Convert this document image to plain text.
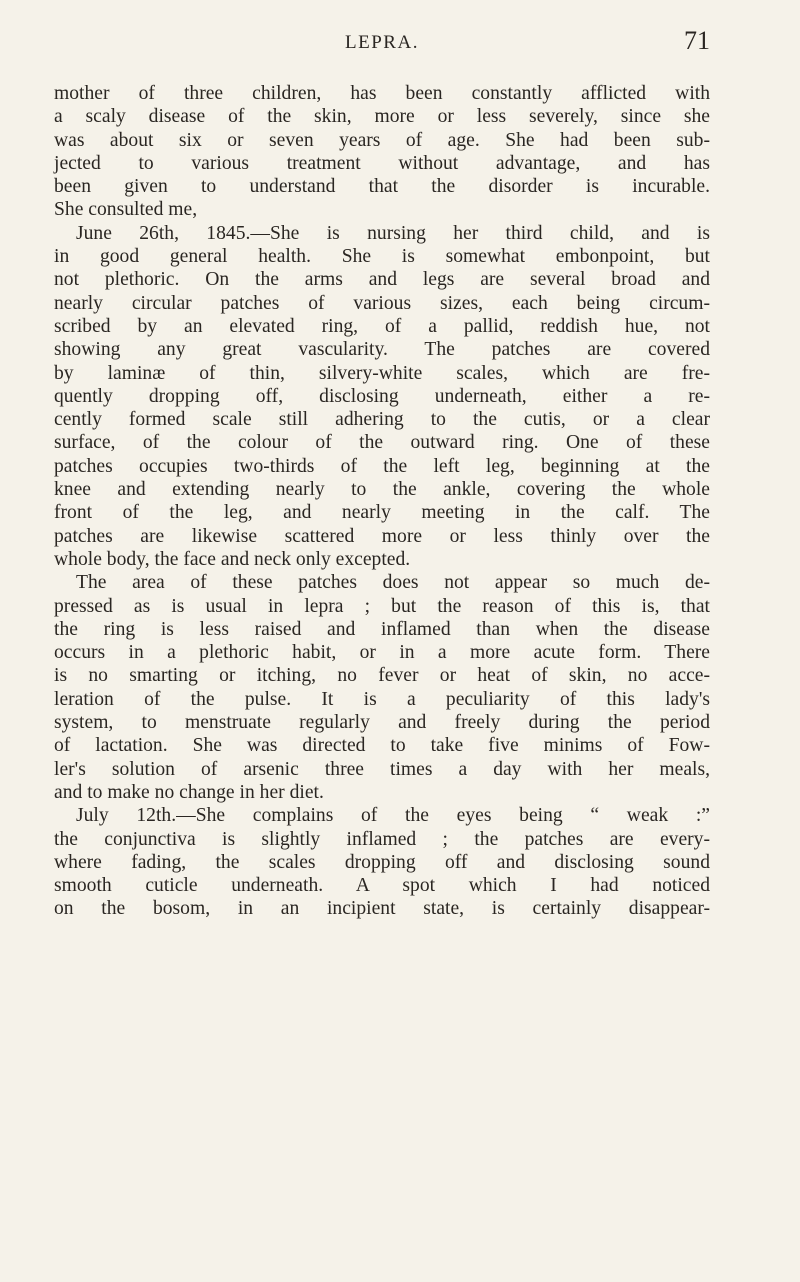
LEPRA.	71
mother of three children, has been constantly afflicted with
a scaly disease of the skin, more or less severely, since she
was about six or seven years of age. She had been sub-
jected to various treatment without advantage, and has
been given to understand that the disorder is incurable.
She consulted me,
June 26th, 1845.—She is nursing her third child, and is
in good general health. She is somewhat embonpoint, but
not plethoric. On the arms and legs are several broad and
nearly circular patches of various sizes, each being circum-
scribed by an elevated ring, of a pallid, reddish hue, not
showing any great vascularity. The patches are covered
by laminæ of thin, silvery-white scales, which are fre-
quently dropping off, disclosing underneath, either a re-
cently formed scale still adhering to the cutis, or a clear
surface, of the colour of the outward ring. One of these
patches occupies two-thirds of the left leg, beginning at the
knee and extending nearly to the ankle, covering the whole
front of the leg, and nearly meeting in the calf. The
patches are likewise scattered more or less thinly over the
whole body, the face and neck only excepted.
The area of these patches does not appear so much de-
pressed as is usual in lepra ; but the reason of this is, that
the ring is less raised and inflamed than when the disease
occurs in a plethoric habit, or in a more acute form. There
is no smarting or itching, no fever or heat of skin, no acce-
leration of the pulse. It is a peculiarity of this lady's
system, to menstruate regularly and freely during the period
of lactation. She was directed to take five minims of Fow-
ler's solution of arsenic three times a day with her meals,
and to make no change in her diet.
July 12th.—She complains of the eyes being “ weak :”
the conjunctiva is slightly inflamed ; the patches are every-
where fading, the scales dropping off and disclosing sound
smooth cuticle underneath. A spot which I had noticed
on the bosom, in an incipient state, is certainly disappear-
